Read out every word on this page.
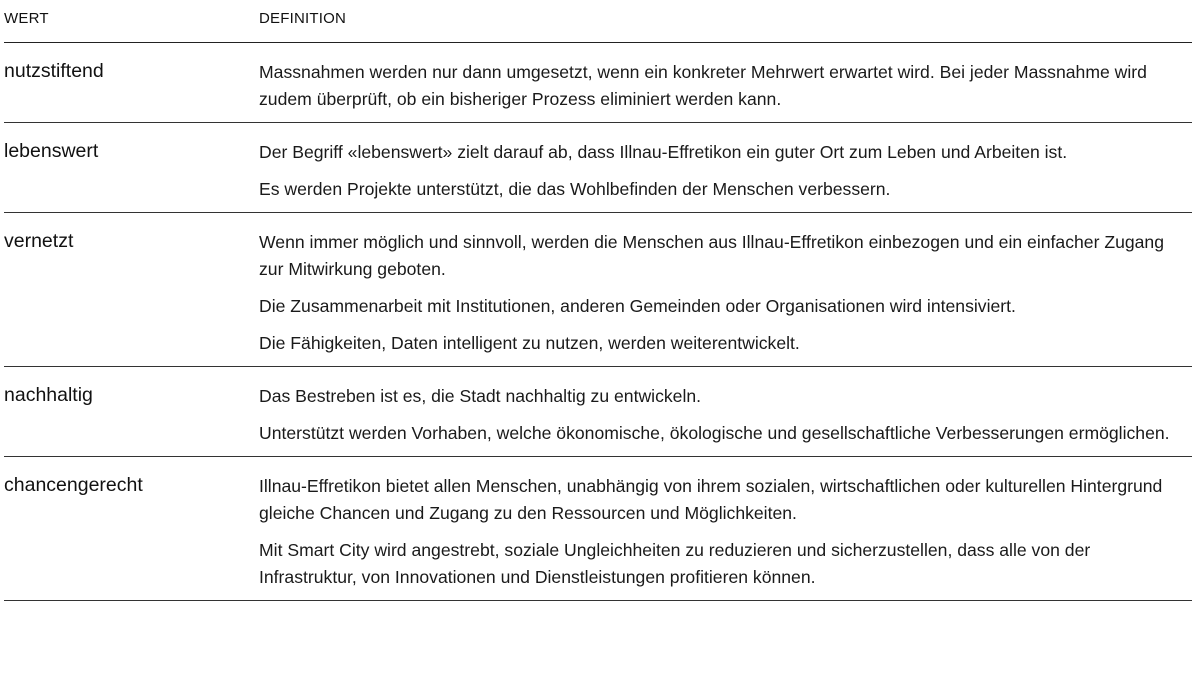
WERT	DEFINITION
nutzstiftend	Massnahmen werden nur dann umgesetzt, wenn ein konkreter Mehrwert erwartet wird. Bei jeder Massnahme wird zudem überprüft, ob ein bisheriger Prozess eliminiert werden kann.

lebenswert	Der Begriff «lebenswert» zielt darauf ab, dass Illnau-Effretikon ein guter Ort zum Leben und Arbeiten ist.

Es werden Projekte unterstützt, die das Wohlbefinden der Menschen verbessern.

vernetzt	Wenn immer möglich und sinnvoll, werden die Menschen aus Illnau-Effretikon einbezogen und ein einfacher Zugang zur Mitwirkung geboten.

Die Zusammenarbeit mit Institutionen, anderen Gemeinden oder Organisationen wird intensiviert.

Die Fähigkeiten, Daten intelligent zu nutzen, werden weiterentwickelt.

nachhaltig	Das Bestreben ist es, die Stadt nachhaltig zu entwickeln.

Unterstützt werden Vorhaben, welche ökonomische, ökologische und gesellschaftliche Verbesserungen ermöglichen.

chancengerecht	Illnau-Effretikon bietet allen Menschen, unabhängig von ihrem sozialen, wirtschaftlichen oder kulturellen Hintergrund gleiche Chancen und Zugang zu den Ressourcen und Möglichkeiten.

Mit Smart City wird angestrebt, soziale Ungleichheiten zu reduzieren und sicherzustellen, dass alle von der Infrastruktur, von Innovationen und Dienstleistungen profitieren können.
